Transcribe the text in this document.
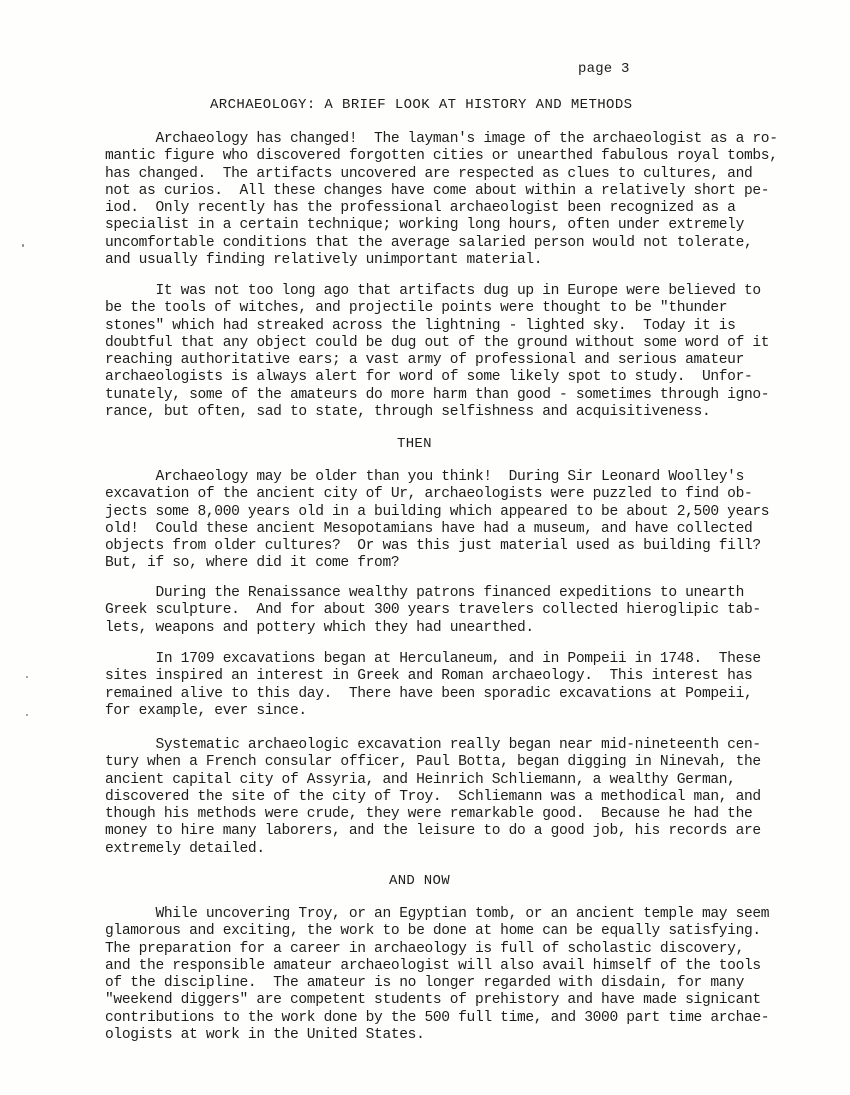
page 3
ARCHAEOLOGY: A BRIEF LOOK AT HISTORY AND METHODS
Archaeology has changed!  The layman's image of the archaeologist as a ro-
mantic figure who discovered forgotten cities or unearthed fabulous royal tombs,
has changed.  The artifacts uncovered are respected as clues to cultures, and
not as curios.  All these changes have come about within a relatively short pe-
iod.  Only recently has the professional archaeologist been recognized as a
specialist in a certain technique; working long hours, often under extremely
uncomfortable conditions that the average salaried person would not tolerate,
and usually finding relatively unimportant material.
It was not too long ago that artifacts dug up in Europe were believed to
be the tools of witches, and projectile points were thought to be "thunder
stones" which had streaked across the lightning - lighted sky.  Today it is
doubtful that any object could be dug out of the ground without some word of it
reaching authoritative ears; a vast army of professional and serious amateur
archaeologists is always alert for word of some likely spot to study.  Unfor-
tunately, some of the amateurs do more harm than good - sometimes through igno-
rance, but often, sad to state, through selfishness and acquisitiveness.
THEN
Archaeology may be older than you think!  During Sir Leonard Woolley's
excavation of the ancient city of Ur, archaeologists were puzzled to find ob-
jects some 8,000 years old in a building which appeared to be about 2,500 years
old!  Could these ancient Mesopotamians have had a museum, and have collected
objects from older cultures?  Or was this just material used as building fill?
But, if so, where did it come from?
During the Renaissance wealthy patrons financed expeditions to unearth
Greek sculpture.  And for about 300 years travelers collected hieroglipic tab-
lets, weapons and pottery which they had unearthed.
In 1709 excavations began at Herculaneum, and in Pompeii in 1748.  These
sites inspired an interest in Greek and Roman archaeology.  This interest has
remained alive to this day.  There have been sporadic excavations at Pompeii,
for example, ever since.
Systematic archaeologic excavation really began near mid-nineteenth cen-
tury when a French consular officer, Paul Botta, began digging in Ninevah, the
ancient capital city of Assyria, and Heinrich Schliemann, a wealthy German,
discovered the site of the city of Troy.  Schliemann was a methodical man, and
though his methods were crude, they were remarkable good.  Because he had the
money to hire many laborers, and the leisure to do a good job, his records are
extremely detailed.
AND NOW
While uncovering Troy, or an Egyptian tomb, or an ancient temple may seem
glamorous and exciting, the work to be done at home can be equally satisfying.
The preparation for a career in archaeology is full of scholastic discovery,
and the responsible amateur archaeologist will also avail himself of the tools
of the discipline.  The amateur is no longer regarded with disdain, for many
"weekend diggers" are competent students of prehistory and have made signicant
contributions to the work done by the 500 full time, and 3000 part time archae-
ologists at work in the United States.
